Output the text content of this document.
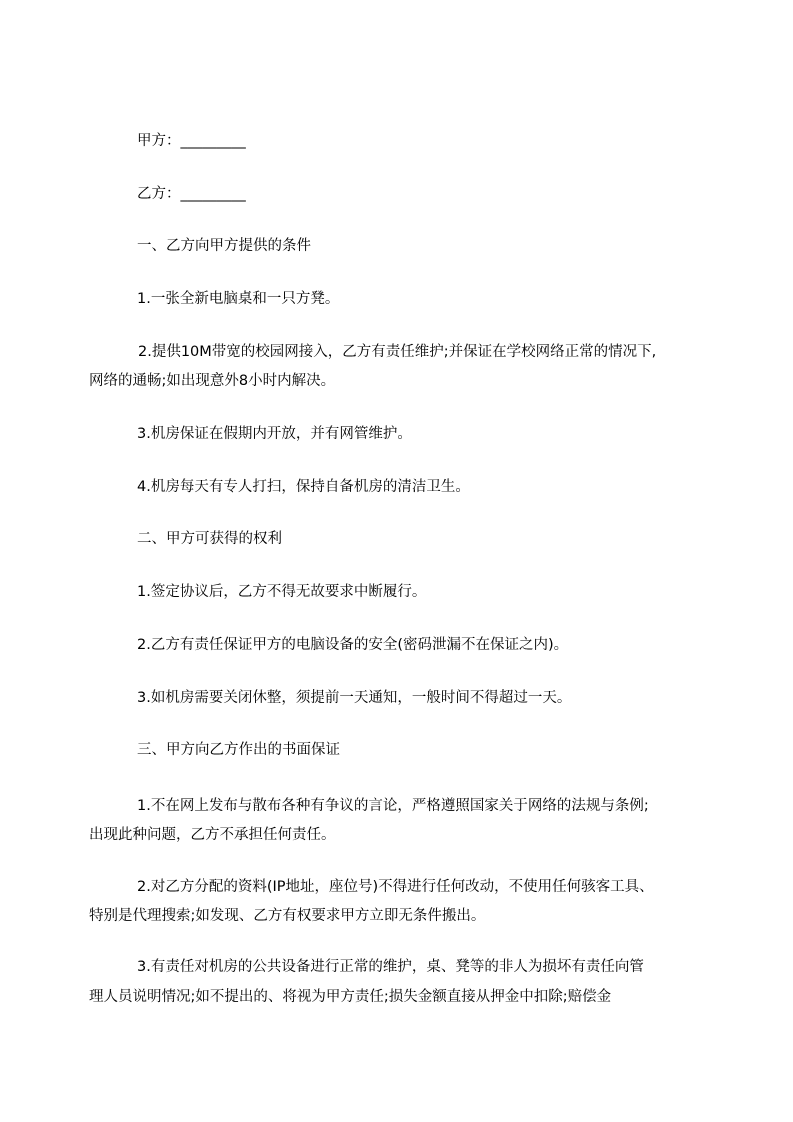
甲方：_________

乙方：_________

一、乙方向甲方提供的条件

1.一张全新电脑桌和一只方凳。

2.提供10M带宽的校园网接入，乙方有责任维护;并保证在学校网络正常的情况下,

网络的通畅;如出现意外8小时内解决。

3.机房保证在假期内开放，并有网管维护。

4.机房每天有专人打扫，保持自备机房的清洁卫生。

二、甲方可获得的权利

1.签定协议后，乙方不得无故要求中断履行。

2.乙方有责任保证甲方的电脑设备的安全(密码泄漏不在保证之内)。

3.如机房需要关闭休整，须提前一天通知，一般时间不得超过一天。

三、甲方向乙方作出的书面保证

1.不在网上发布与散布各种有争议的言论，严格遵照国家关于网络的法规与条例;

出现此种问题，乙方不承担任何责任。

2.对乙方分配的资料(IP地址，座位号)不得进行任何改动，不使用任何骇客工具、

特别是代理搜索;如发现、乙方有权要求甲方立即无条件搬出。

3.有责任对机房的公共设备进行正常的维护，桌、凳等的非人为损坏有责任向管

理人员说明情况;如不提出的、将视为甲方责任;损失金额直接从押金中扣除;赔偿金
